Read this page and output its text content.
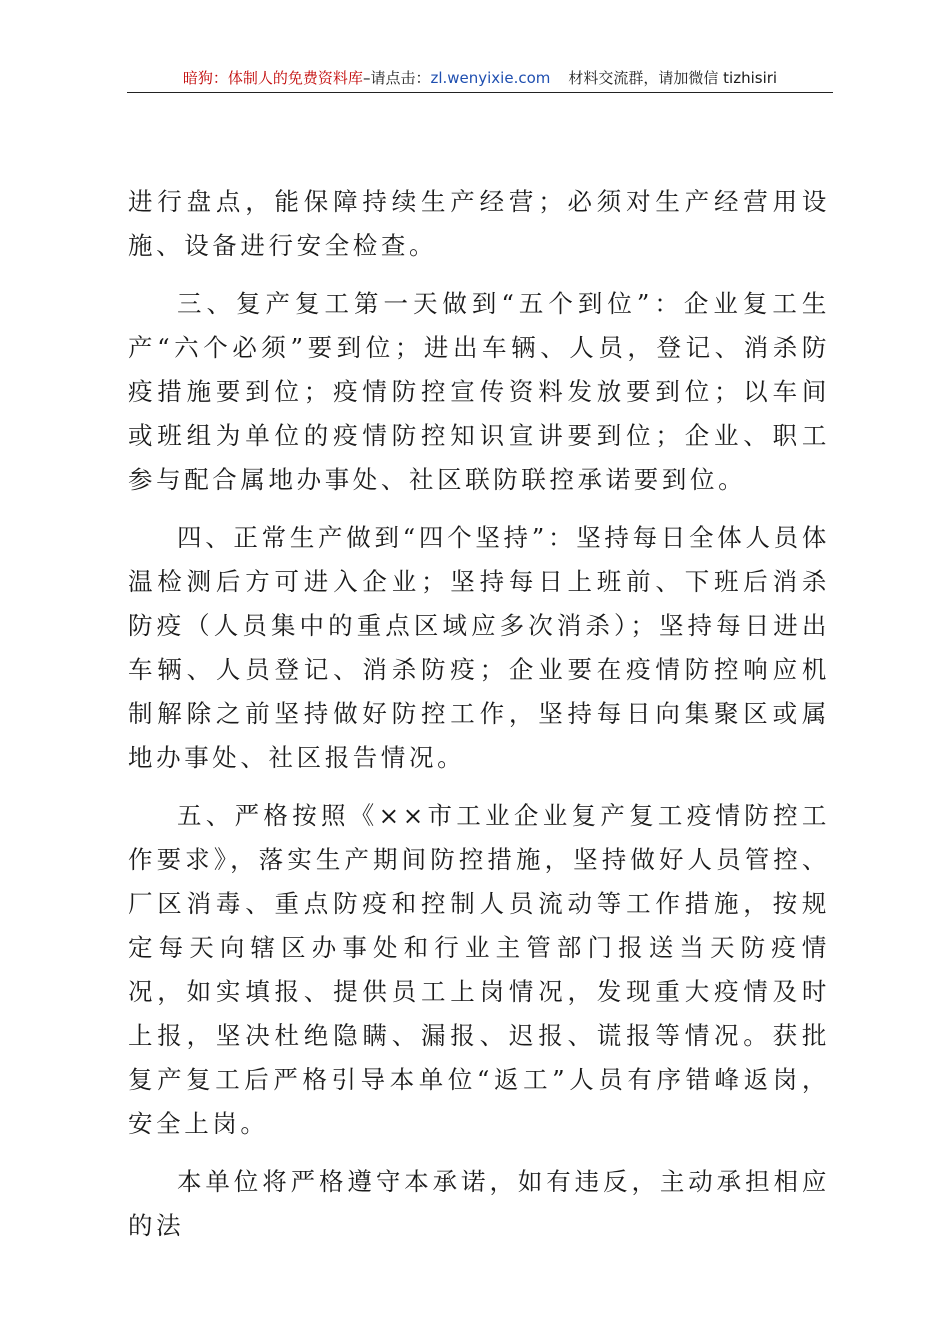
暗狗：体制人的免费资料库–请点击：zl.wenyixie.com 材料交流群，请加微信 tizhisiri

进行盘点，能保障持续生产经营；必须对生产经营用设施、设备进行安全检查。

三、复产复工第一天做到“五个到位”：企业复工生产“六个必须”要到位；进出车辆、人员，登记、消杀防疫措施要到位；疫情防控宣传资料发放要到位；以车间或班组为单位的疫情防控知识宣讲要到位；企业、职工参与配合属地办事处、社区联防联控承诺要到位。

四、正常生产做到“四个坚持”：坚持每日全体人员体温检测后方可进入企业；坚持每日上班前、下班后消杀防疫（人员集中的重点区域应多次消杀）；坚持每日进出车辆、人员登记、消杀防疫；企业要在疫情防控响应机制解除之前坚持做好防控工作，坚持每日向集聚区或属地办事处、社区报告情况。

五、严格按照《××市工业企业复产复工疫情防控工作要求》，落实生产期间防控措施，坚持做好人员管控、厂区消毒、重点防疫和控制人员流动等工作措施，按规定每天向辖区办事处和行业主管部门报送当天防疫情况，如实填报、提供员工上岗情况，发现重大疫情及时上报，坚决杜绝隐瞒、漏报、迟报、谎报等情况。获批复产复工后严格引导本单位“返工”人员有序错峰返岗，安全上岗。

本单位将严格遵守本承诺，如有违反，主动承担相应的法
